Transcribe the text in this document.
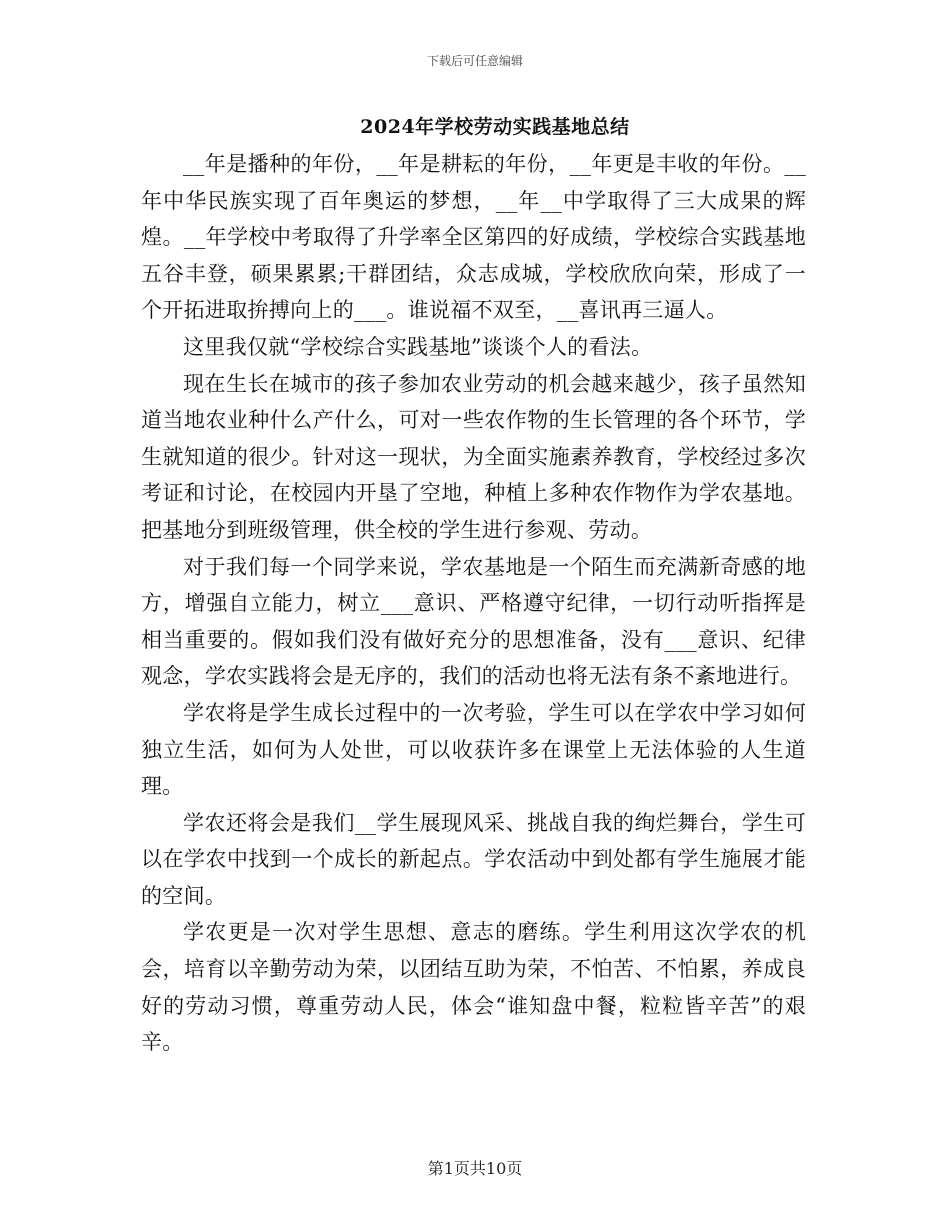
下载后可任意编辑
2024年学校劳动实践基地总结

__年是播种的年份，__年是耕耘的年份，__年更是丰收的年份。__年中华民族实现了百年奥运的梦想，__年__中学取得了三大成果的辉煌。__年学校中考取得了升学率全区第四的好成绩，学校综合实践基地五谷丰登，硕果累累;干群团结，众志成城，学校欣欣向荣，形成了一个开拓进取拚搏向上的___。谁说福不双至，__喜讯再三逼人。

这里我仅就“学校综合实践基地”谈谈个人的看法。

现在生长在城市的孩子参加农业劳动的机会越来越少，孩子虽然知道当地农业种什么产什么，可对一些农作物的生长管理的各个环节，学生就知道的很少。针对这一现状，为全面实施素养教育，学校经过多次考证和讨论，在校园内开垦了空地，种植上多种农作物作为学农基地。把基地分到班级管理，供全校的学生进行参观、劳动。

对于我们每一个同学来说，学农基地是一个陌生而充满新奇感的地方，增强自立能力，树立___意识、严格遵守纪律，一切行动听指挥是相当重要的。假如我们没有做好充分的思想准备，没有___意识、纪律观念，学农实践将会是无序的，我们的活动也将无法有条不紊地进行。

学农将是学生成长过程中的一次考验，学生可以在学农中学习如何独立生活，如何为人处世，可以收获许多在课堂上无法体验的人生道理。

学农还将会是我们__学生展现风采、挑战自我的绚烂舞台，学生可以在学农中找到一个成长的新起点。学农活动中到处都有学生施展才能的空间。

学农更是一次对学生思想、意志的磨练。学生利用这次学农的机会，培育以辛勤劳动为荣，以团结互助为荣，不怕苦、不怕累，养成良好的劳动习惯，尊重劳动人民，体会“谁知盘中餐，粒粒皆辛苦”的艰辛。

第1页共10页
